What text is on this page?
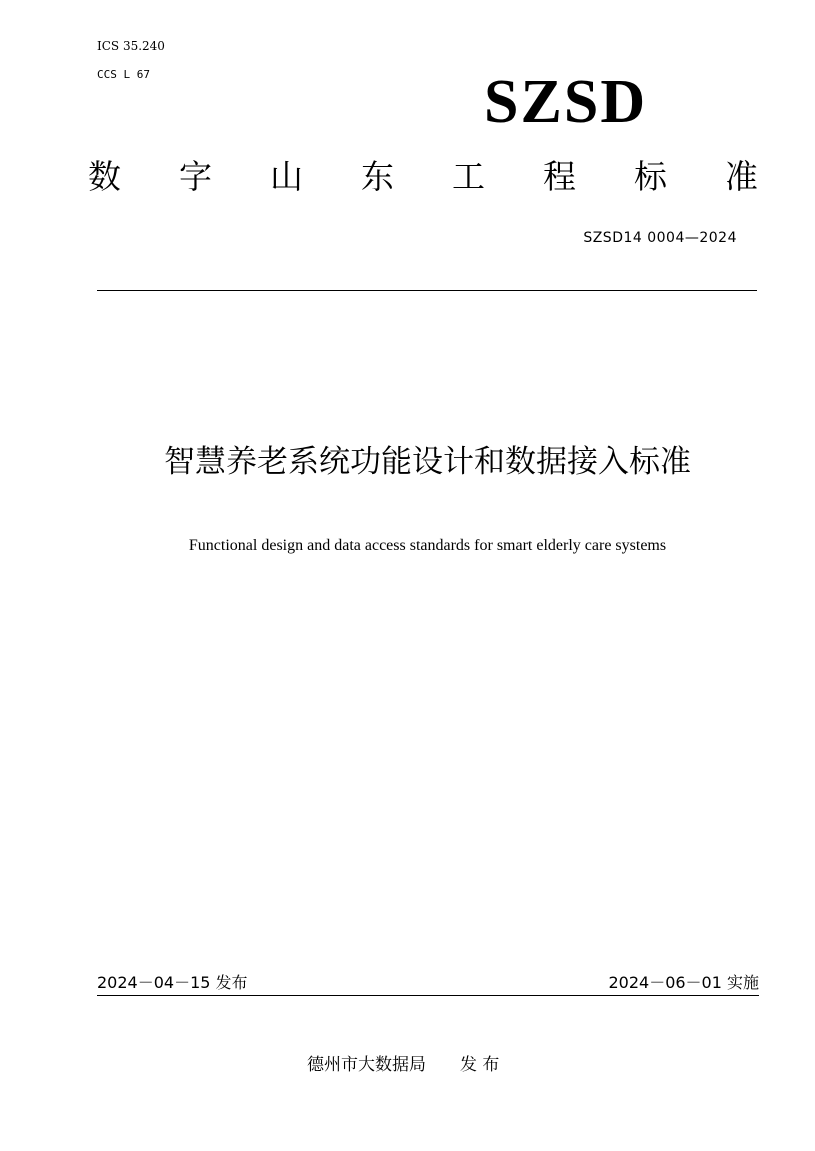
ICS 35.240
CCS L 67	SZSD
数 字 山 东 工 程 标 准
SZSD14 0004—2024
智慧养老系统功能设计和数据接入标准
Functional design and data access standards for smart elderly care systems
2024－04－15 发布	2024－06－01 实施
德州市大数据局 发 布
